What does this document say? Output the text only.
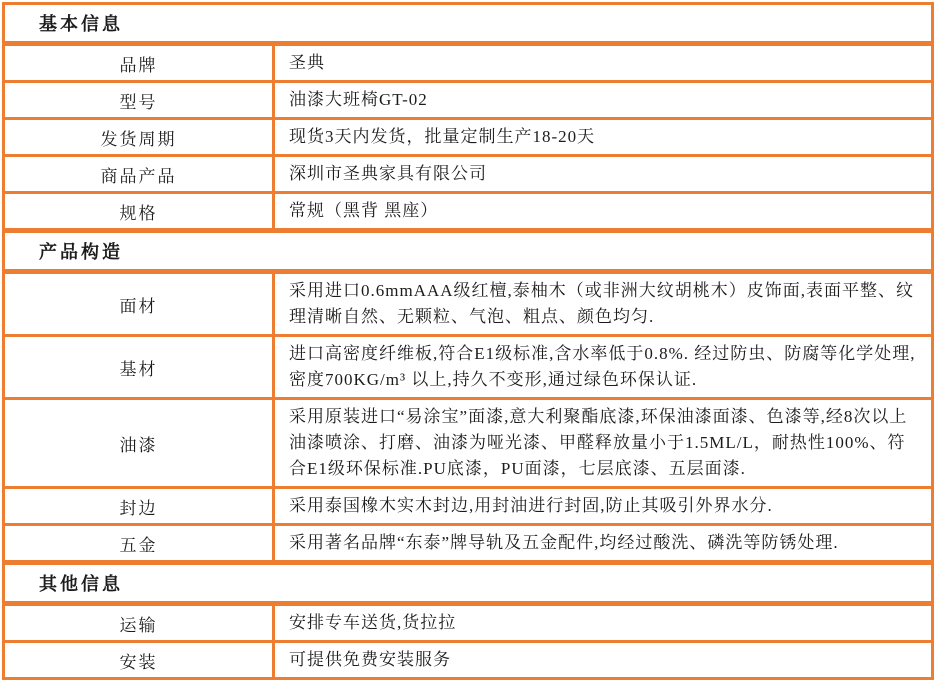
基本信息	
品牌	圣典
型号	油漆大班椅GT-02
发货周期	现货3天内发货，批量定制生产18-20天
商品产品	深圳市圣典家具有限公司
规格	常规（黑背 黑座）
产品构造	
面材	采用进口0.6mmAAA级红檀,泰柚木（或非洲大纹胡桃木）皮饰面,表面平整、纹理清晰自然、无颗粒、气泡、粗点、颜色均匀.
基材	进口高密度纤维板,符合E1级标准,含水率低于0.8%. 经过防虫、防腐等化学处理,密度700KG/m³ 以上,持久不变形,通过绿色环保认证.
油漆	采用原装进口“易涂宝”面漆,意大利聚酯底漆,环保油漆面漆、色漆等,经8次以上油漆喷涂、打磨、油漆为哑光漆、甲醛释放量小于1.5ML/L，耐热性100%、符合E1级环保标准.PU底漆，PU面漆，七层底漆、五层面漆.
封边	采用泰国橡木实木封边,用封油进行封固,防止其吸引外界水分.
五金	采用著名品牌“东泰”牌导轨及五金配件,均经过酸洗、磷洗等防锈处理.
其他信息	
运输	安排专车送货,货拉拉
安装	可提供免费安装服务
